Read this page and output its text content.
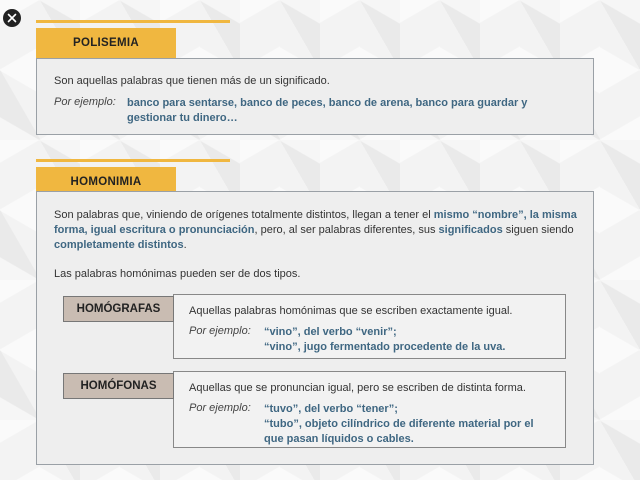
POLISEMIA
Son aquellas palabras que tienen más de un significado.
Por ejemplo: banco para sentarse, banco de peces, banco de arena, banco para guardar y gestionar tu dinero…
HOMONIMIA
Son palabras que, viniendo de orígenes totalmente distintos, llegan a tener el mismo “nombre”, la misma forma, igual escritura o pronunciación, pero, al ser palabras diferentes, sus significados siguen siendo completamente distintos.
Las palabras homónimas pueden ser de dos tipos.
Aquellas palabras homónimas que se escriben exactamente igual.
Por ejemplo: “vino”, del verbo “venir”;
“vino”, jugo fermentado procedente de la uva.
HOMÓGRAFAS
Aquellas que se pronuncian igual, pero se escriben de distinta forma.
Por ejemplo: “tuvo”, del verbo “tener”;
“tubo”, objeto cilíndrico de diferente material por el que pasan líquidos o cables.
HOMÓFONAS
